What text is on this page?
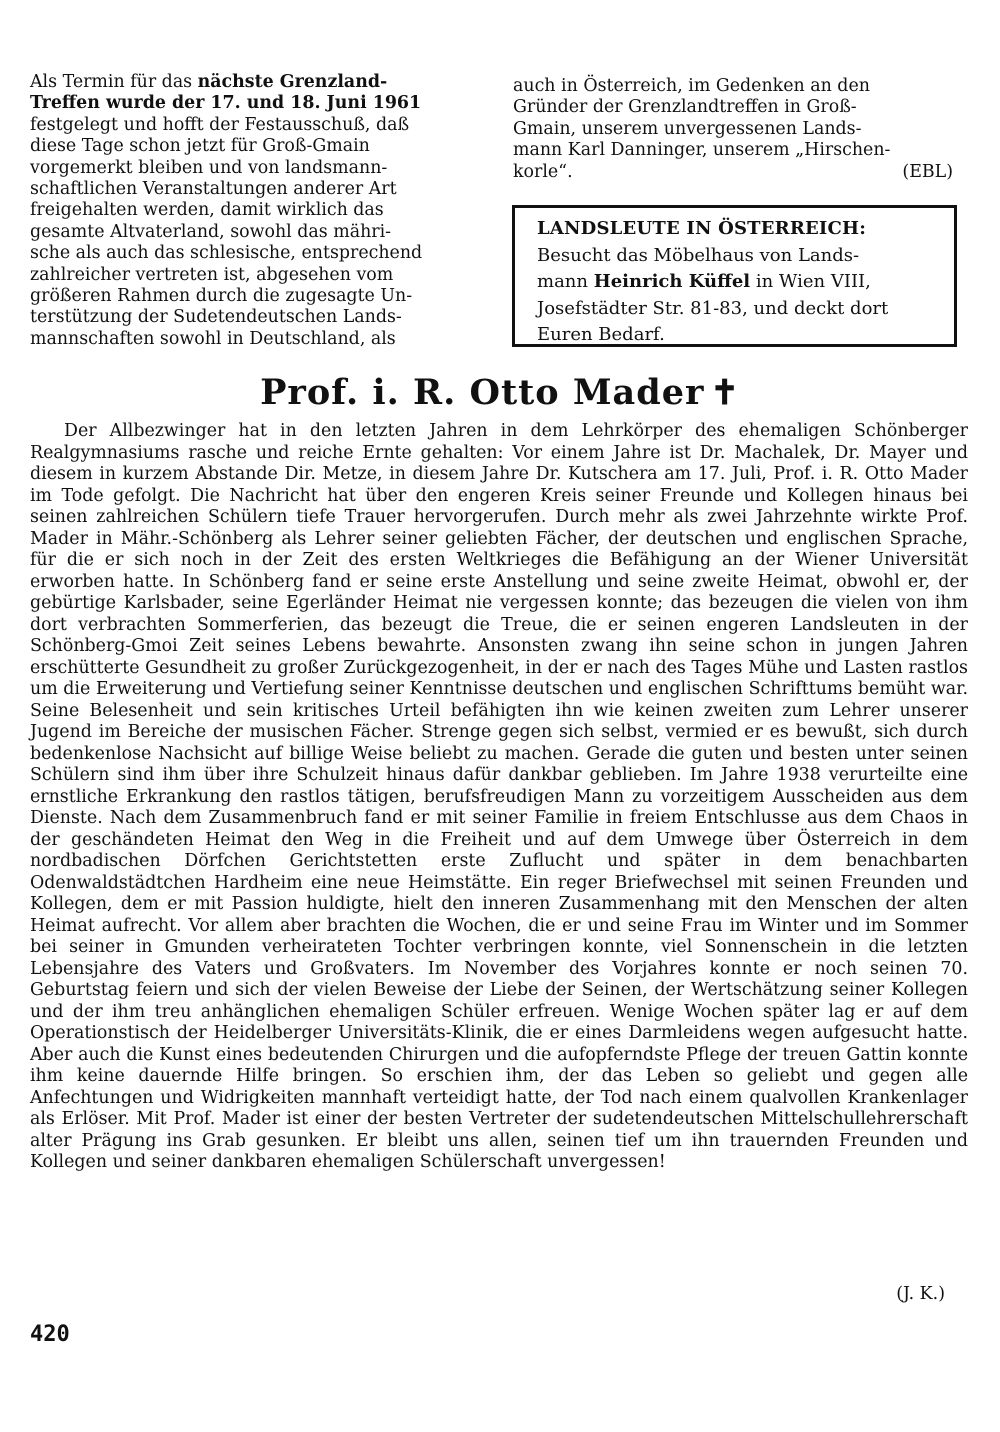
Als Termin für das nächste Grenzland-
Treffen wurde der 17. und 18. Juni 1961
festgelegt und hofft der Festausschuß, daß
diese Tage schon jetzt für Groß-Gmain
vorgemerkt bleiben und von landsmann-
schaftlichen Veranstaltungen anderer Art
freigehalten werden, damit wirklich das
gesamte Altvaterland, sowohl das mähri-
sche als auch das schlesische, entsprechend
zahlreicher vertreten ist, abgesehen vom
größeren Rahmen durch die zugesagte Un-
terstützung der Sudetendeutschen Lands-
mannschaften sowohl in Deutschland, als
auch in Österreich, im Gedenken an den
Gründer der Grenzlandtreffen in Groß-
Gmain, unserem unvergessenen Lands-
mann Karl Danninger, unserem „Hirschen-
korle“.	(EBL)
LANDSLEUTE IN ÖSTERREICH:
Besucht das Möbelhaus von Lands-
mann Heinrich Küffel in Wien VIII,
Josefstädter Str. 81-83, und deckt dort
Euren Bedarf.
Prof. i. R. Otto Mader ✝
Der Allbezwinger hat in den letzten Jahren in dem Lehrkörper des ehemaligen Schönberger Realgymnasiums rasche und reiche Ernte gehalten: Vor einem Jahre ist Dr. Machalek, Dr. Mayer und diesem in kurzem Abstande Dir. Metze, in diesem Jahre Dr. Kutschera am 17. Juli, Prof. i. R. Otto Mader im Tode gefolgt. Die Nachricht hat über den engeren Kreis seiner Freunde und Kollegen hinaus bei seinen zahlreichen Schülern tiefe Trauer hervorgerufen. Durch mehr als zwei Jahrzehnte wirkte Prof. Mader in Mähr.-Schönberg als Lehrer seiner geliebten Fächer, der deutschen und englischen Sprache, für die er sich noch in der Zeit des ersten Weltkrieges die Befähigung an der Wiener Universität erworben hatte. In Schönberg fand er seine erste Anstellung und seine zweite Heimat, obwohl er, der gebürtige Karlsbader, seine Egerländer Heimat nie vergessen konnte; das bezeugen die vielen von ihm dort verbrachten Sommerferien, das bezeugt die Treue, die er seinen engeren Landsleuten in der Schönberg-Gmoi Zeit seines Lebens bewahrte. Ansonsten zwang ihn seine schon in jungen Jahren erschütterte Gesundheit zu großer Zurückgezogenheit, in der er nach des Tages Mühe und Lasten rastlos um die Erweiterung und Vertiefung seiner Kenntnisse deutschen und englischen Schrifttums bemüht war. Seine Belesenheit und sein kritisches Urteil befähigten ihn wie keinen zweiten zum Lehrer unserer Jugend im Bereiche der musischen Fächer. Strenge gegen sich selbst, vermied er es bewußt, sich durch bedenkenlose Nachsicht auf billige Weise beliebt zu machen. Gerade die guten und besten unter seinen Schülern sind ihm über ihre Schulzeit hinaus dafür dankbar geblieben. Im Jahre 1938 verurteilte eine ernstliche Erkrankung den rastlos tätigen, berufsfreudigen Mann zu vorzeitigem Ausscheiden aus dem Dienste. Nach dem Zusammenbruch fand er mit seiner Familie in freiem Entschlusse aus dem Chaos in der geschändeten Heimat den Weg in die Freiheit und auf dem Umwege über Österreich in dem nordbadischen Dörfchen Gerichtstetten erste Zuflucht und später in dem benachbarten Odenwaldstädtchen Hardheim eine neue Heimstätte. Ein reger Briefwechsel mit seinen Freunden und Kollegen, dem er mit Passion huldigte, hielt den inneren Zusammenhang mit den Menschen der alten Heimat aufrecht. Vor allem aber brachten die Wochen, die er und seine Frau im Winter und im Sommer bei seiner in Gmunden verheirateten Tochter verbringen konnte, viel Sonnenschein in die letzten Lebensjahre des Vaters und Großvaters. Im November des Vorjahres konnte er noch seinen 70. Geburtstag feiern und sich der vielen Beweise der Liebe der Seinen, der Wertschätzung seiner Kollegen und der ihm treu anhänglichen ehemaligen Schüler erfreuen. Wenige Wochen später lag er auf dem Operationstisch der Heidelberger Universitäts-Klinik, die er eines Darmleidens wegen aufgesucht hatte. Aber auch die Kunst eines bedeutenden Chirurgen und die aufopferndste Pflege der treuen Gattin konnte ihm keine dauernde Hilfe bringen. So erschien ihm, der das Leben so geliebt und gegen alle Anfechtungen und Widrigkeiten mannhaft verteidigt hatte, der Tod nach einem qualvollen Krankenlager als Erlöser. Mit Prof. Mader ist einer der besten Vertreter der sudetendeutschen Mittelschullehrerschaft alter Prägung ins Grab gesunken. Er bleibt uns allen, seinen tief um ihn trauernden Freunden und Kollegen und seiner dankbaren ehemaligen Schülerschaft unvergessen!
(J. K.)
420
